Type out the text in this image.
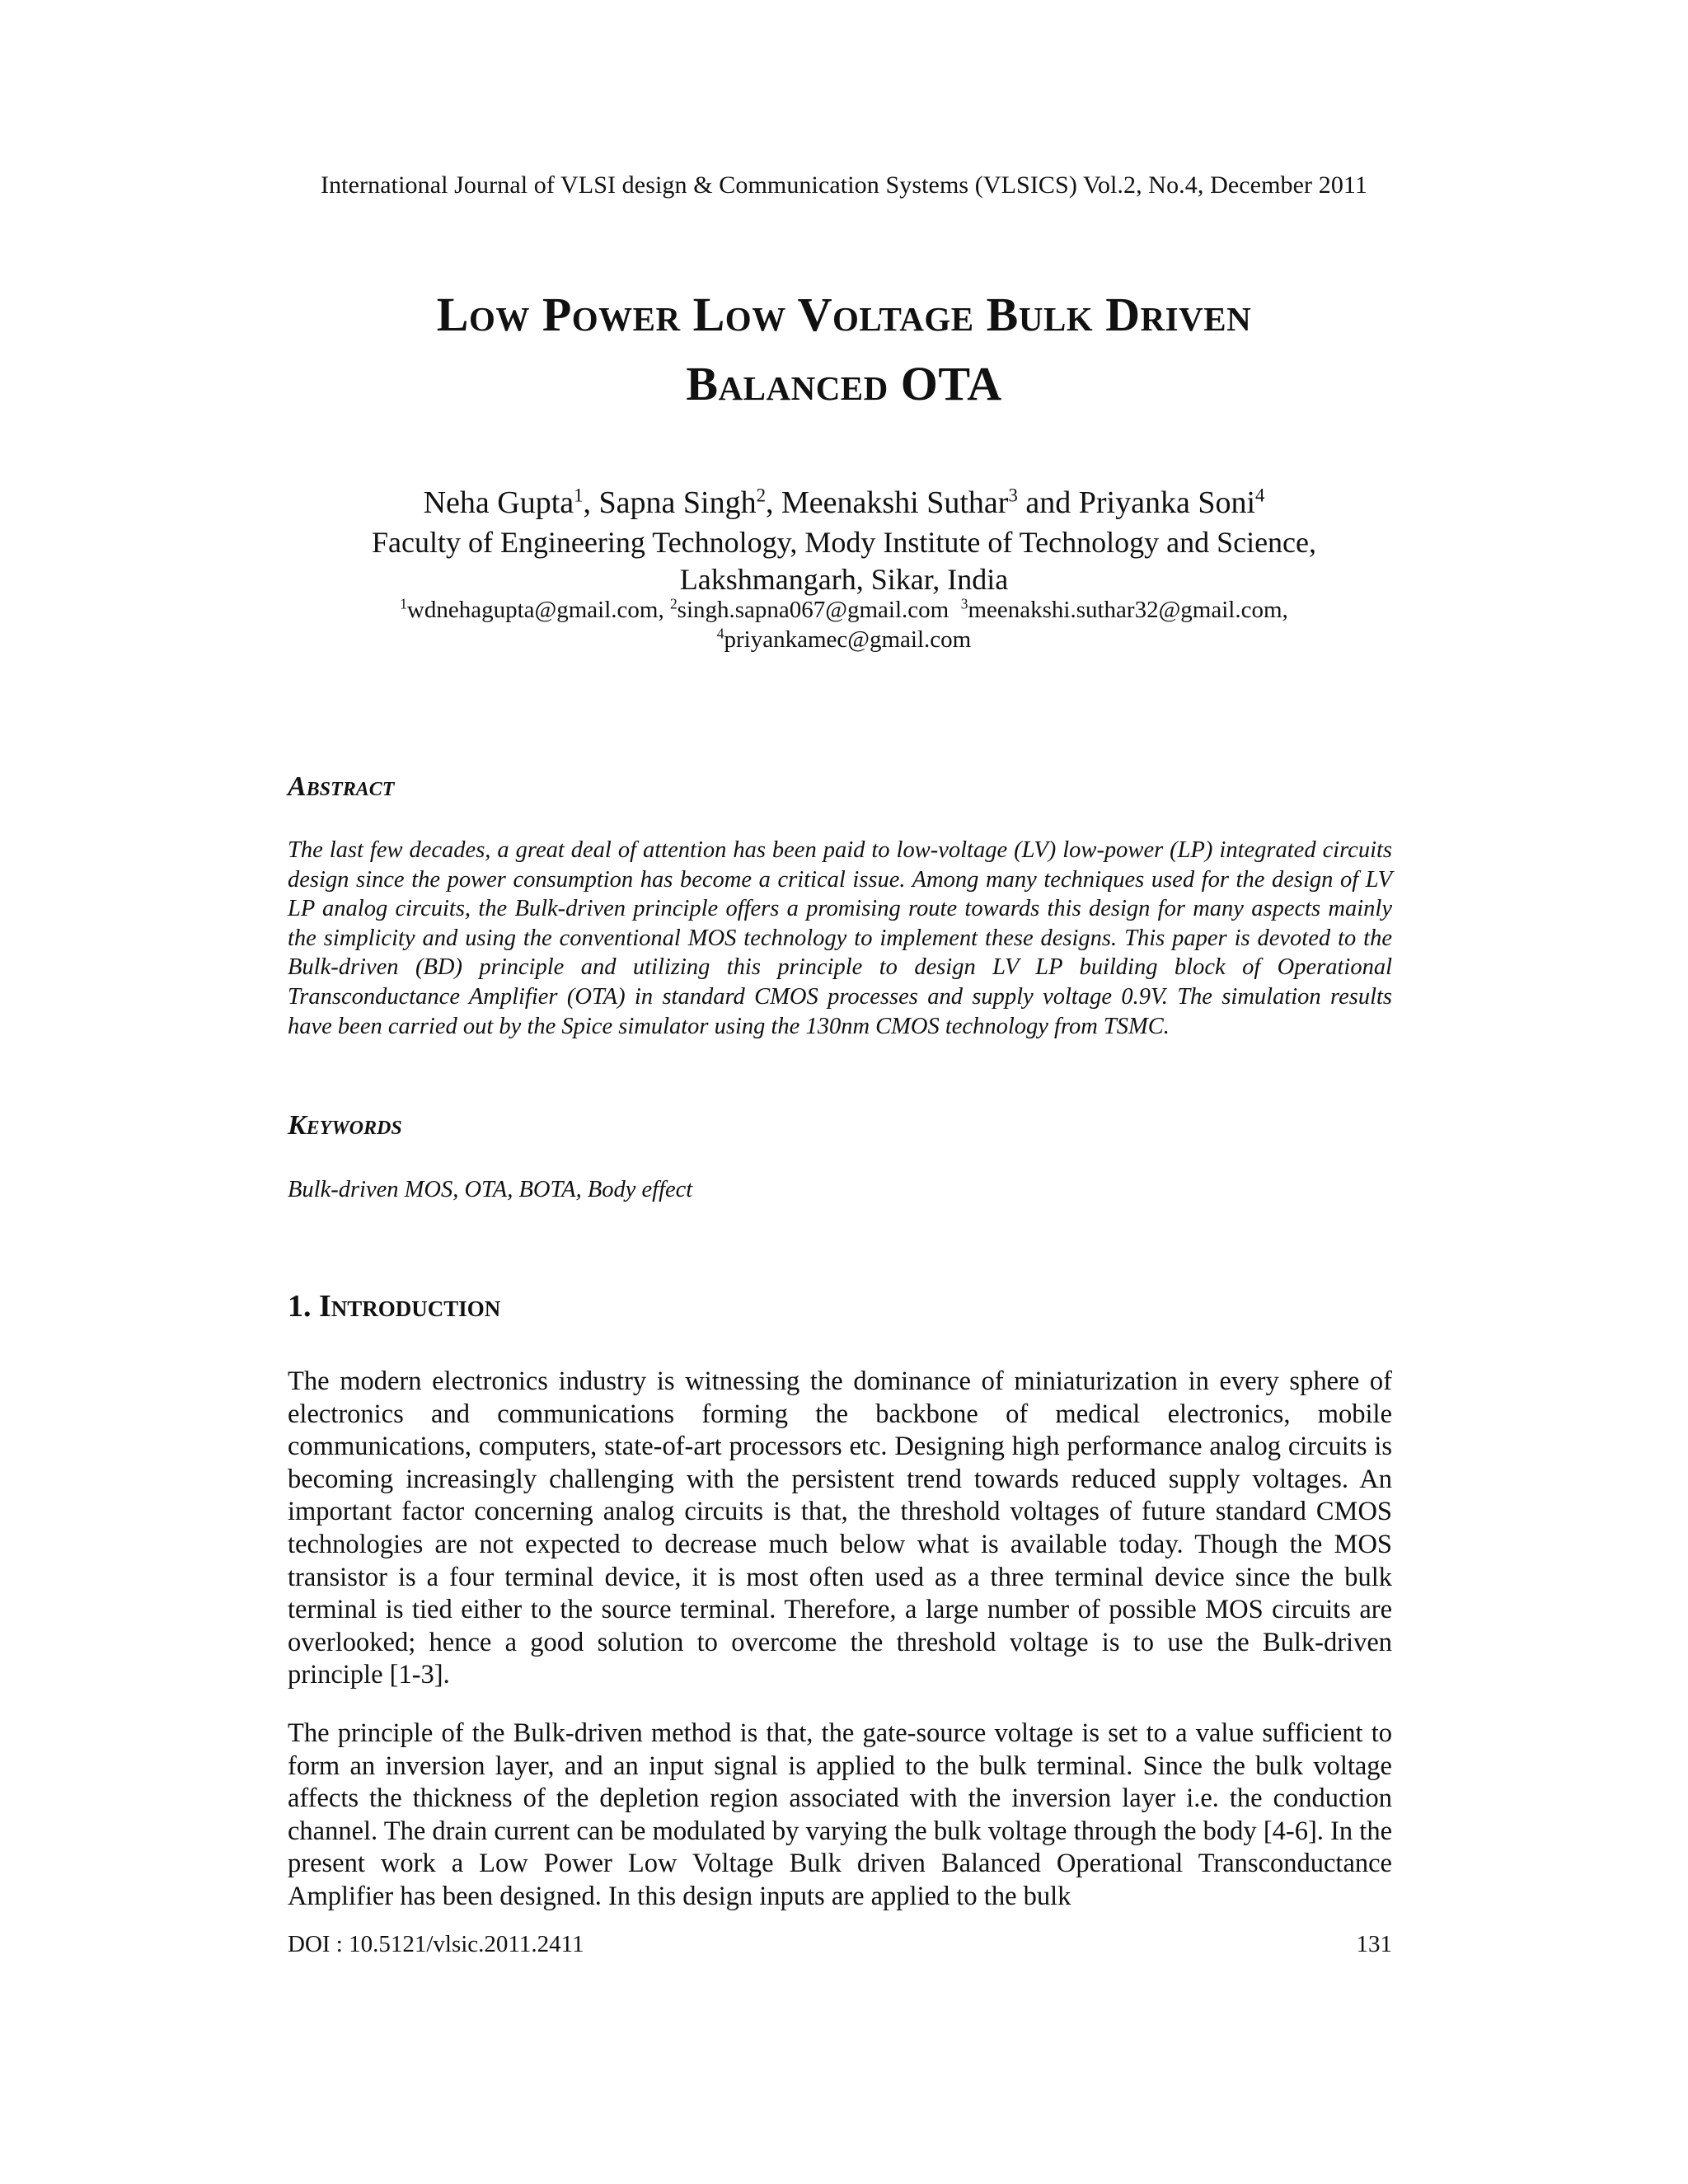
International Journal of VLSI design & Communication Systems (VLSICS) Vol.2, No.4, December 2011
Low Power Low Voltage Bulk Driven
Balanced OTA
Neha Gupta$^1$, Sapna Singh$^2$, Meenakshi Suthar$^3$ and Priyanka Soni$^4$
Faculty of Engineering Technology, Mody Institute of Technology and Science,
Lakshmangarh, Sikar, India
$^1$wdnehagupta@gmail.com, $^2$singh.sapna067@gmail.com $^3$meenakshi.suthar32@gmail.com,
$^4$priyankamec@gmail.com
Abstract

The last few decades, a great deal of attention has been paid to low-voltage (LV) low-power (LP) integrated circuits design since the power consumption has become a critical issue. Among many techniques used for the design of LV LP analog circuits, the Bulk-driven principle offers a promising route towards this design for many aspects mainly the simplicity and using the conventional MOS technology to implement these designs. This paper is devoted to the Bulk-driven (BD) principle and utilizing this principle to design LV LP building block of Operational Transconductance Amplifier (OTA) in standard CMOS processes and supply voltage 0.9V. The simulation results have been carried out by the Spice simulator using the 130nm CMOS technology from TSMC.

Keywords
Bulk-driven MOS, OTA, BOTA, Body effect
1. Introduction

The modern electronics industry is witnessing the dominance of miniaturization in every sphere of electronics and communications forming the backbone of medical electronics, mobile communications, computers, state-of-art processors etc. Designing high performance analog circuits is becoming increasingly challenging with the persistent trend towards reduced supply voltages. An important factor concerning analog circuits is that, the threshold voltages of future standard CMOS technologies are not expected to decrease much below what is available today. Though the MOS transistor is a four terminal device, it is most often used as a three terminal device since the bulk terminal is tied either to the source terminal. Therefore, a large number of possible MOS circuits are overlooked; hence a good solution to overcome the threshold voltage is to use the Bulk-driven principle [1-3].

The principle of the Bulk-driven method is that, the gate-source voltage is set to a value sufficient to form an inversion layer, and an input signal is applied to the bulk terminal. Since the bulk voltage affects the thickness of the depletion region associated with the inversion layer i.e. the conduction channel. The drain current can be modulated by varying the bulk voltage through the body [4-6]. In the present work a Low Power Low Voltage Bulk driven Balanced Operational Transconductance Amplifier has been designed. In this design inputs are applied to the bulk

DOI : 10.5121/vlsic.2011.2411	131
